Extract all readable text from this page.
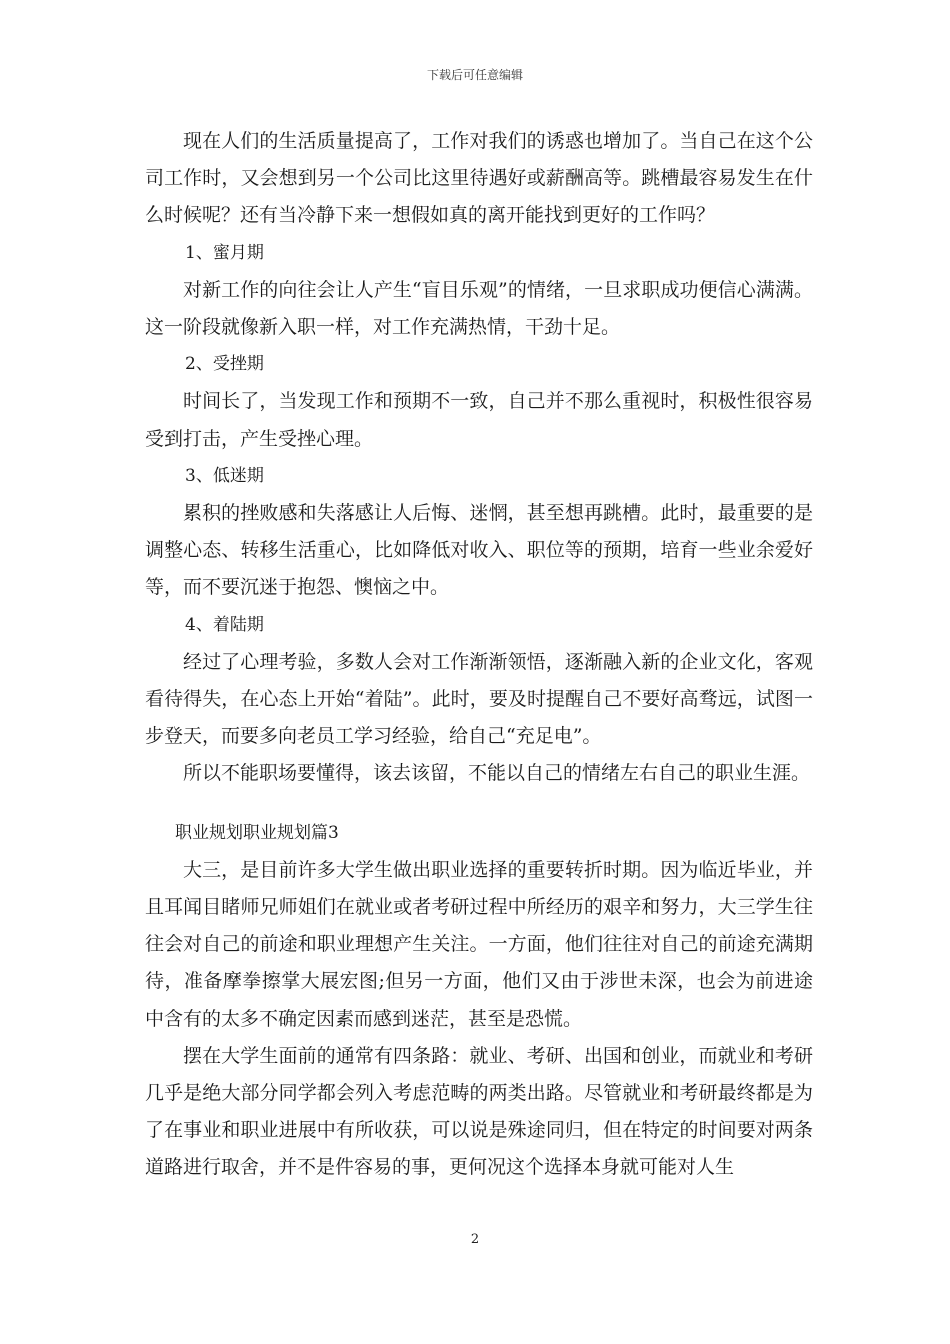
下载后可任意编辑

现在人们的生活质量提高了，工作对我们的诱惑也增加了。当自己在这个公司工作时，又会想到另一个公司比这里待遇好或薪酬高等。跳槽最容易发生在什么时候呢？还有当冷静下来一想假如真的离开能找到更好的工作吗？

1、蜜月期

对新工作的向往会让人产生“盲目乐观”的情绪，一旦求职成功便信心满满。这一阶段就像新入职一样，对工作充满热情，干劲十足。

2、受挫期

时间长了，当发现工作和预期不一致，自己并不那么重视时，积极性很容易受到打击，产生受挫心理。

3、低迷期

累积的挫败感和失落感让人后悔、迷惘，甚至想再跳槽。此时，最重要的是调整心态、转移生活重心，比如降低对收入、职位等的预期，培育一些业余爱好等，而不要沉迷于抱怨、懊恼之中。

4、着陆期

经过了心理考验，多数人会对工作渐渐领悟，逐渐融入新的企业文化，客观看待得失，在心态上开始“着陆”。此时，要及时提醒自己不要好高骛远，试图一步登天，而要多向老员工学习经验，给自己“充足电”。

所以不能职场要懂得，该去该留，不能以自己的情绪左右自己的职业生涯。

职业规划职业规划篇3

大三，是目前许多大学生做出职业选择的重要转折时期。因为临近毕业，并且耳闻目睹师兄师姐们在就业或者考研过程中所经历的艰辛和努力，大三学生往往会对自己的前途和职业理想产生关注。一方面，他们往往对自己的前途充满期待，准备摩拳擦掌大展宏图;但另一方面，他们又由于涉世未深，也会为前进途中含有的太多不确定因素而感到迷茫，甚至是恐慌。

摆在大学生面前的通常有四条路：就业、考研、出国和创业，而就业和考研几乎是绝大部分同学都会列入考虑范畴的两类出路。尽管就业和考研最终都是为了在事业和职业进展中有所收获，可以说是殊途同归，但在特定的时间要对两条道路进行取舍，并不是件容易的事，更何况这个选择本身就可能对人生

2
